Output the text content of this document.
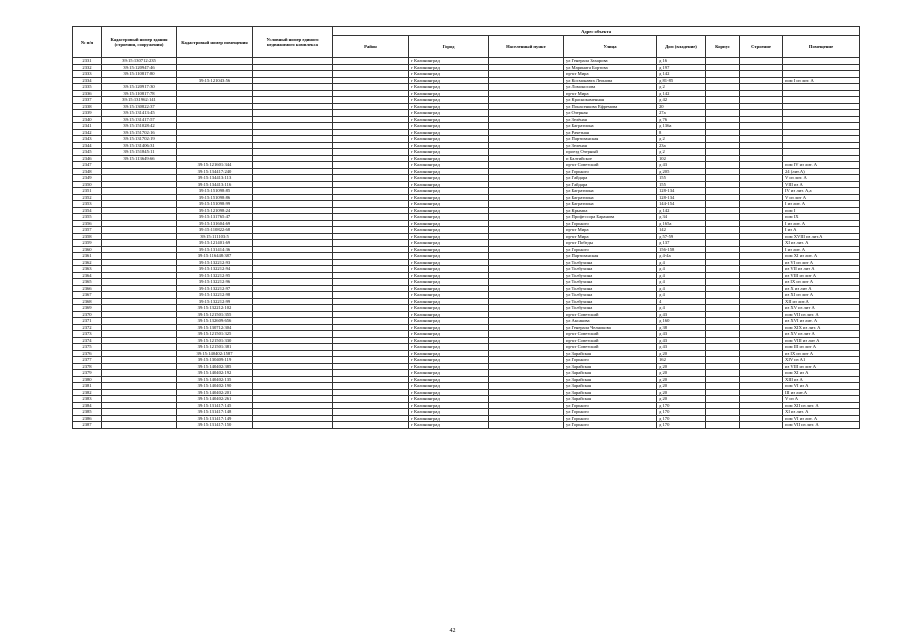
№ п/п	Кадастровый номер здания (строения, сооружения)	Кадастровый номер помещения	Условный номер единого недвижимого комплекса	Адрес объекта							
				Район	Город	Населенный пункт	Улица	Дом (владение)	Корпус	Строение	Помещение
2331	39:15:130712:235				г Калининград		ул Генерала Захарова	д 16			
2332	39:15:120947:46				г Калининград		ул Марината Бортова	д 197			
2333	39:15:110817:80				г Калининград		пр-кт Мира	д 142			
2334		39:15:121043:56			г Калининград		ул Космонавта Леонова	д 81-85			пом I из лит. А
2335	39:15:120917:30				г Калининград		ул Ломоносова	д 2			
2336	39:15:110817:78				г Калининград		пр-кт Мира	д 142			
2337	39:15:131962:141				г Калининград		ул Краснокаменная	д 42			
2338	39:15:130822:37				г Калининград		ул Понасенкова Ефремова	20			
2339	39:15:131413:45				г Калининград		ул Озерная	27а			
2340	39:15:131417:57				г Калининград		ул Зелёная	д 76			
2341	39:15:151028:42				г Калининград		ул Багратиона	д 136а			
2342	39:15:151702:16				г Калининград		ул Рачетная	8			
2343	39:15:131702:19				г Калининград		ул Партизанская	д 2			
2344	39:15:131406:31				г Калининград		ул Зеленая	23а			
2345	39:15:151845:11				г Калининград		проезд Озерный	д 2			
2346	39:15:113649:66				г Калининград		п Балтийское	102			
2347		39:15:121601:344			г Калининград		пр-кт Советский	д 43			пом IV из лит. А
2348		39:15:134417:240			г Калининград		ул Горького	д 205			24 (лит.А)
2349		39:15:134413:113			г Калининград		ул Гайдара	155			V из лит. А
2350		39:15:134413:116			г Калининград		ул Гайдара	155			VIII из А
2351		39:15:151098:85			г Калининград		ул Багратиона	128-134			IV из лит. А,а
2352		39:15:151098:86			г Калининград		ул Багратиона	128-134			V из лит А
2353		39:15:151098:99			г Калининград		ул Багратиона	144-154			I из лит. А
2354		39:15:121098:24			г Калининград		ул Крымпа	д 142			пом I
2355		39:15:131765:47			г Калининград		ул Профессора Баранова	д 34			пом IX
2356		39:15:131604:69			г Калининград		ул Горького	д 165а			I из лит. А
2357		39:15:110822:68			г Калининград		пр-кт Мира	142			I из А
2358		39:15:111103:5			г Калининград		пр-кт Мира	д 57-59			пом XVIII из лит.А
2359		39:15:121401:69			г Калининград		пр-кт Победы	д 137			XI из лит. А
2360		39:15:131414:36			г Калининград		ул Горького	156-158			I из лит. А
2361		39:15:116448:387			г Калининград		ул Партизанская	д 4-4а			пом XI из лит. А
2362		39:15:132212:93			г Калининград		ул Толбухина	д 4			из VI из лит А
2363		39:15:132212:94			г Калининград		ул Толбухина	д 4			из VII из лит А
2364		39:15:132212:95			г Калининград		ул Толбухина	д 4			из VIII из лит А
2365		39:15:132212:96			г Калининград		ул Толбухина	д 4			из IX из лит А
2366		39:15:132212:97			г Калининград		ул Толбухина	д 4			из X из лит А
2367		39:15:132212:98			г Калининград		ул Толбухина	д 4			из XI из лит А
2368		39:15:132212:99			г Калининград		ул Толбухина	4			XII из лит.А
2369		39:15:132212:102			г Калининград		ул Толбухина	д 4			из XV из лит А
2370		39:15:121501:355			г Калининград		пр-кт Советский	д 43			пом VII из лит. А
2371		39:15:132609:656			г Калининград		ул Аксакова	д 160			из XVI из лит. А
2372		39:15:130712:304			г Калининград		ул Генерала Челнокова	д 38			пом XIX из лит. А
2373		39:15:121501:325			г Калининград		пр-кт Советский	д 43			из XV из лит А
2374		39:15:121501:330			г Калининград		пр-кт Советский	д 43			пом VIII из лит А
2375		39:15:121501:381			г Калининград		пр-кт Советский	д 43			пом III из лит А
2376		39:15:140402:1587			г Калининград		ул Зарайская	д 20			из IX из лит А
2377		39:15:130409:119			г Калининград		ул Горького	162			XIV из А1
2378		39:15:140402:385			г Калининград		ул Зарайская	д 20			из VIII из лит А
2379		39:15:140402:192			г Калининград		ул Зарайская	д 20			пом XI из А
2380		39:15:140402:135			г Калининград		ул Зарайская	д 20			XIII из А
2381		39:15:140402:190			г Калининград		ул Зарайская	д 20			пом VI из А
2382		39:15:140402:201			г Калининград		ул Зарайская	д 20			III из лит.А
2383		39:15:140402:261			г Калининград		ул Зарайская	д 20			V из А
2384		39:15:131417:145			г Калининград		ул Горького	д 170			пом XII из лит. А
2385		39:15:131417:148			г Калининград		ул Горького	д 170			XI из лит. А
2386		39:15:131417:149			г Калининград		ул Горького	д 170			пом VI из лит. А
2387		39:15:131417:150			г Калининград		ул Горького	д 170			пом VII из лит. А
42
